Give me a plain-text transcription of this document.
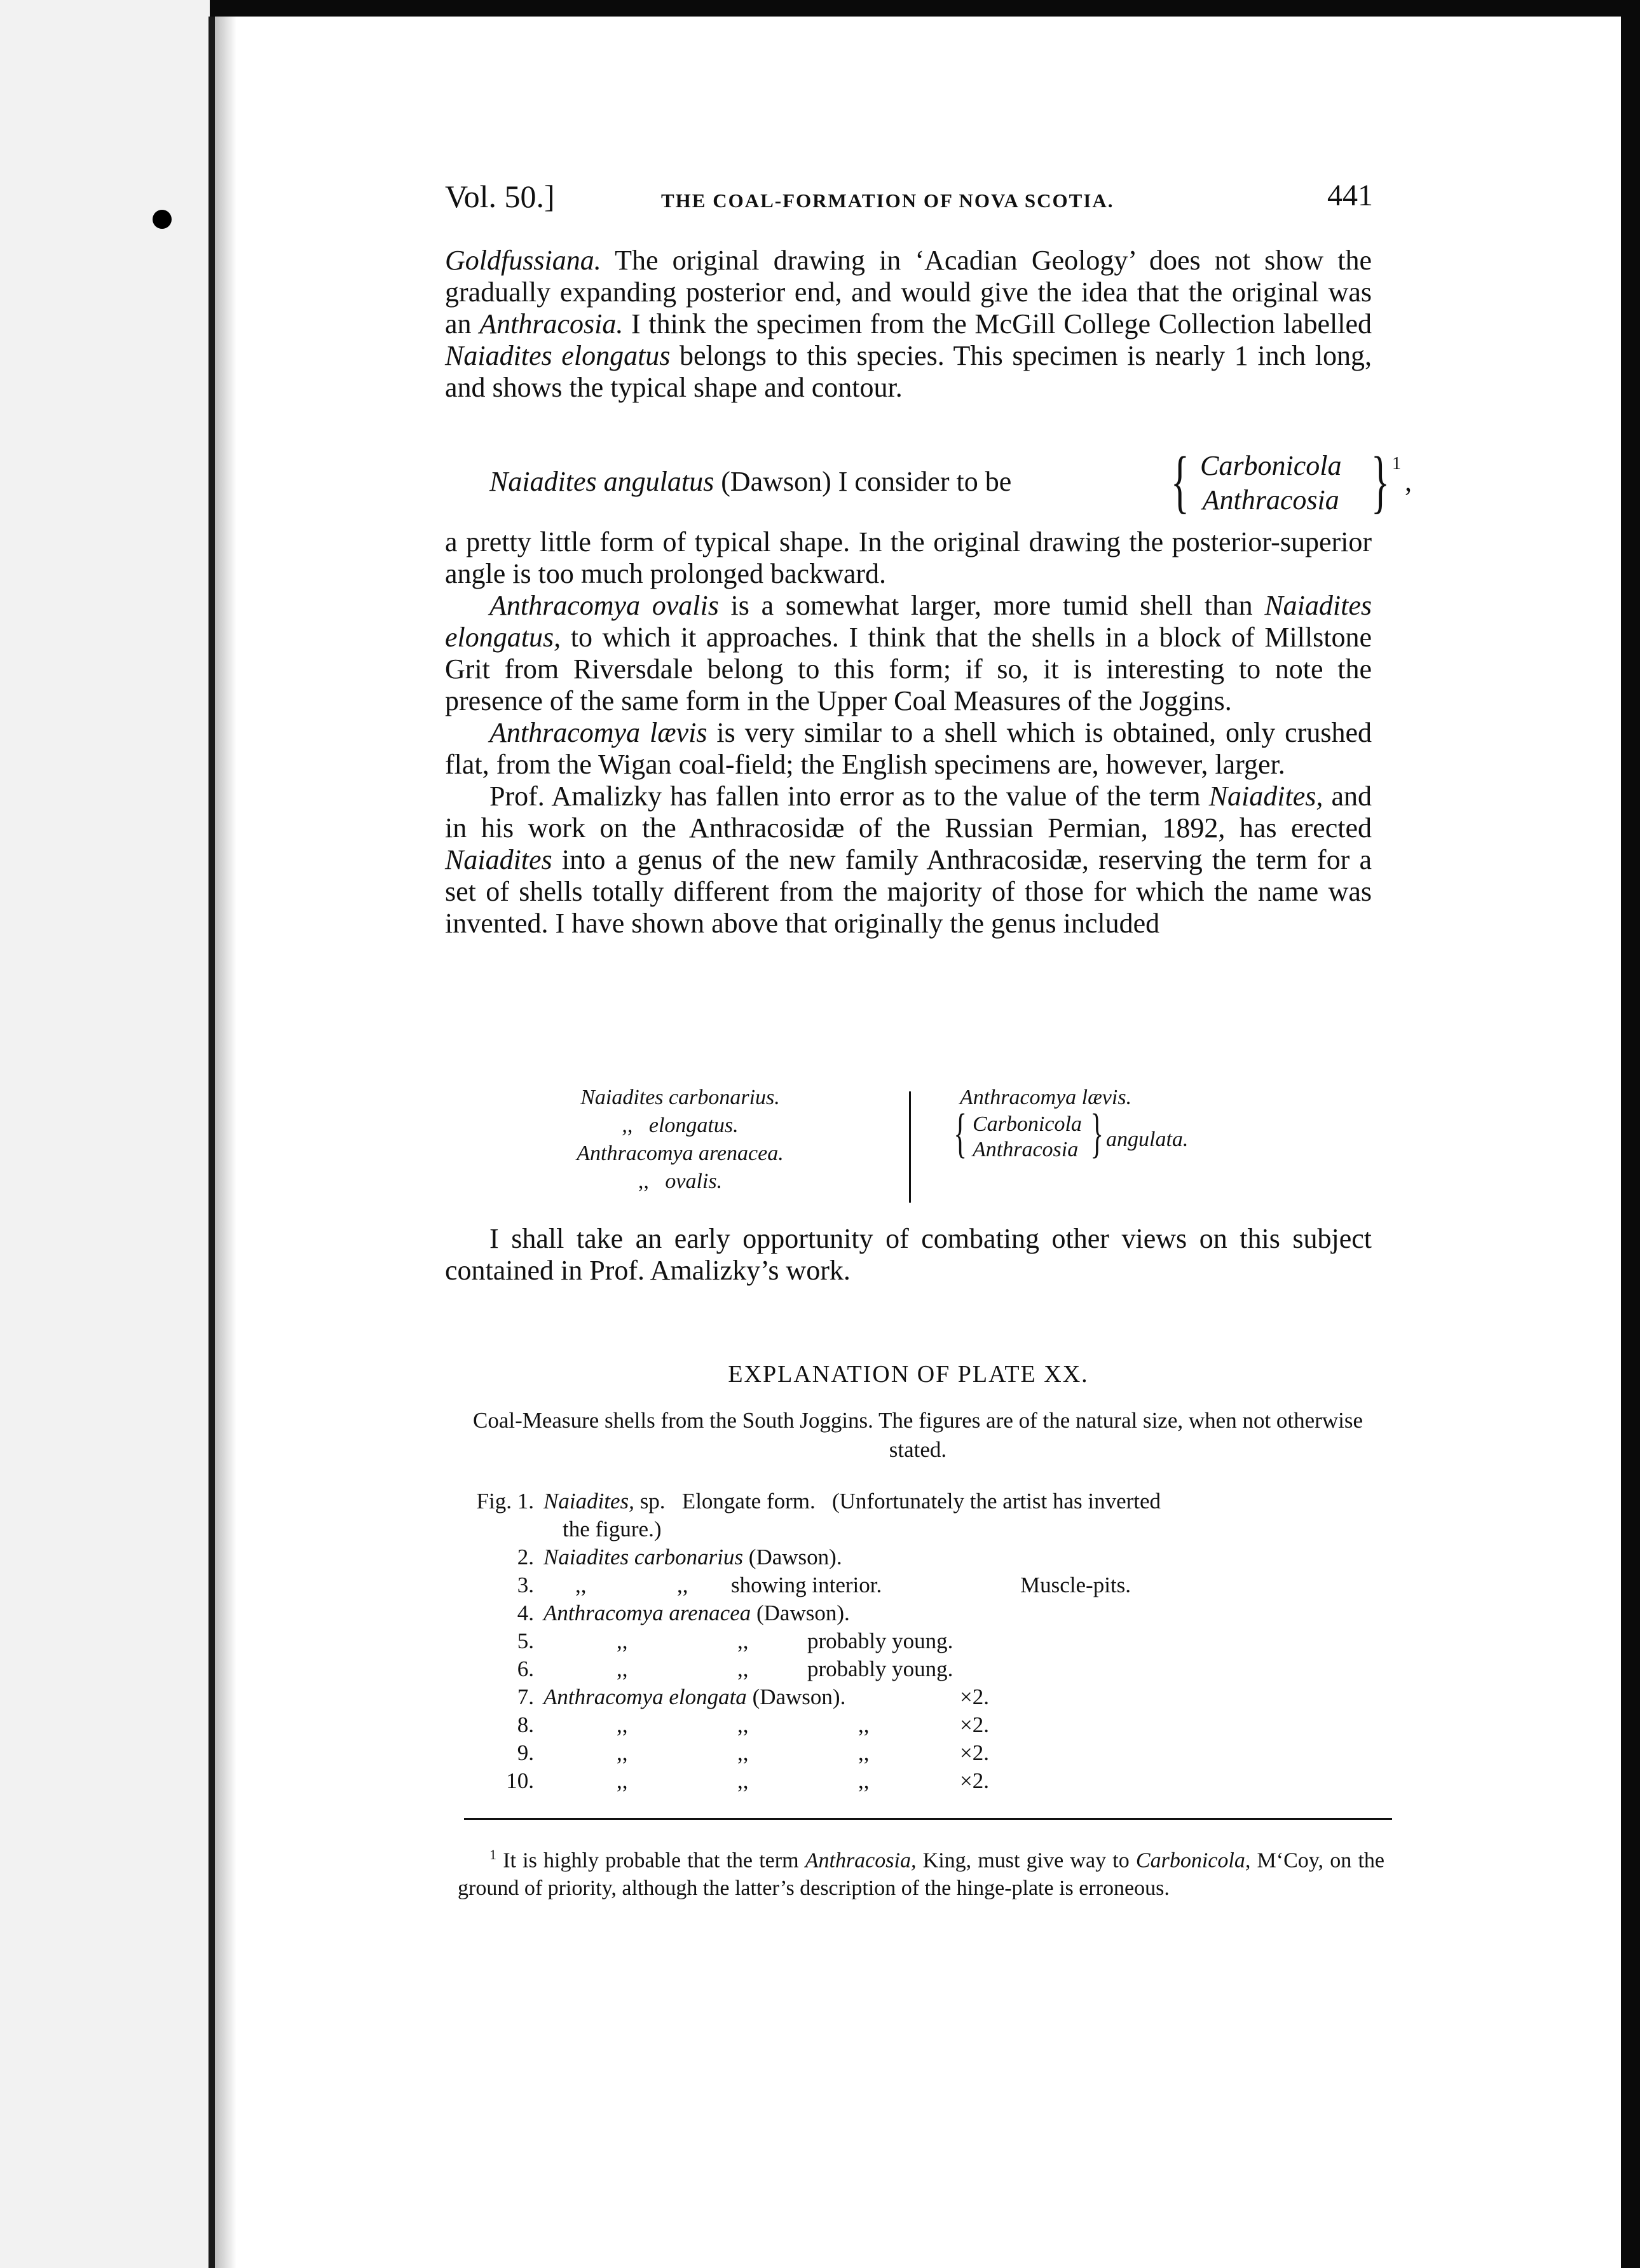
Vol. 50.]	THE COAL-FORMATION OF NOVA SCOTIA.	441

Goldfussiana. The original drawing in ‘Acadian Geology’ does not show the gradually expanding posterior end, and would give the idea that the original was an Anthracosia. I think the specimen from the McGill College Collection labelled Naiadites elongatus belongs to this species. This specimen is nearly 1 inch long, and shows the typical shape and contour.

Naiadites angulatus (Dawson) I consider to be { Carbonicola
Anthracosia } 1
,

a pretty little form of typical shape. In the original drawing the posterior-superior angle is too much prolonged backward.

Anthracomya ovalis is a somewhat larger, more tumid shell than Naiadites elongatus, to which it approaches. I think that the shells in a block of Millstone Grit from Riversdale belong to this form; if so, it is interesting to note the presence of the same form in the Upper Coal Measures of the Joggins.

Anthracomya lævis is very similar to a shell which is obtained, only crushed flat, from the Wigan coal-field; the English specimens are, however, larger.

Prof. Amalizky has fallen into error as to the value of the term Naiadites, and in his work on the Anthracosidæ of the Russian Permian, 1892, has erected Naiadites into a genus of the new family Anthracosidæ, reserving the term for a set of shells totally different from the majority of those for which the name was invented. I have shown above that originally the genus included

Naiadites carbonarius.
,,   elongatus.
Anthracomya arenacea.
,,   ovalis.
Anthracomya lævis.
{ Carbonicola
Anthracosia } angulata.

I shall take an early opportunity of combating other views on this subject contained in Prof. Amalizky’s work.

EXPLANATION OF PLATE XX.
Coal-Measure shells from the South Joggins. The figures are of the natural size, when not otherwise stated.
Fig. 1. Naiadites, sp.   Elongate form.   (Unfortunately the artist has inverted
the figure.)
2. Naiadites carbonarius (Dawson).
3. ,,	,, showing interior.	Muscle-pits.
4. Anthracomya arenacea (Dawson).
5.	,,	,,	probably young.
6.	,,	,,	probably young.
7. Anthracomya elongata (Dawson).	×2.
8.	,,	,,	,,	×2.
9.	,,	,,	,,	×2.
10.	,,	,,	,,	×2.

$^1$ It is highly probable that the term Anthracosia, King, must give way to Carbonicola, M‘Coy, on the ground of priority, although the latter’s description of the hinge-plate is erroneous.
